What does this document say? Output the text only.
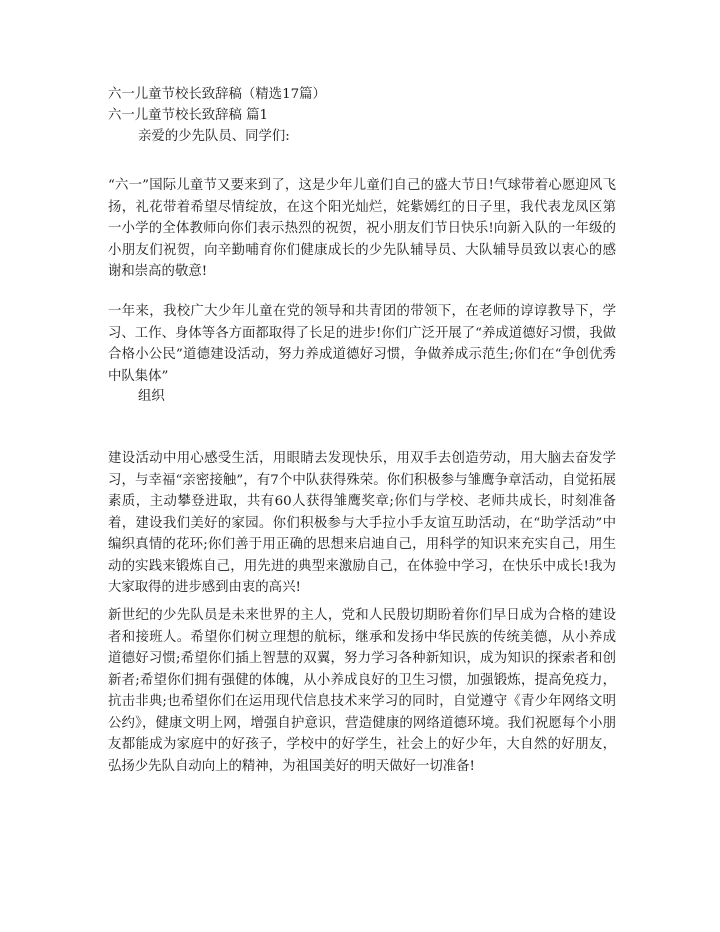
六一儿童节校长致辞稿（精选17篇）
六一儿童节校长致辞稿 篇1
亲爱的少先队员、同学们:
“六一”国际儿童节又要来到了，这是少年儿童们自己的盛大节日!气球带着心愿迎风飞扬，礼花带着希望尽情绽放，在这个阳光灿烂，姹紫嫣红的日子里，我代表龙凤区第一小学的全体教师向你们表示热烈的祝贺，祝小朋友们节日快乐!向新入队的一年级的小朋友们祝贺，向辛勤哺育你们健康成长的少先队辅导员、大队辅导员致以衷心的感谢和崇高的敬意!
一年来，我校广大少年儿童在党的领导和共青团的带领下，在老师的谆谆教导下，学习、工作、身体等各方面都取得了长足的进步!你们广泛开展了“养成道德好习惯，我做合格小公民”道德建设活动，努力养成道德好习惯，争做养成示范生;你们在“争创优秀中队集体”
组织
建设活动中用心感受生活，用眼睛去发现快乐，用双手去创造劳动，用大脑去奋发学习，与幸福“亲密接触”，有7个中队获得殊荣。你们积极参与雏鹰争章活动，自觉拓展素质，主动攀登进取，共有60人获得雏鹰奖章;你们与学校、老师共成长，时刻准备着，建设我们美好的家园。你们积极参与大手拉小手友谊互助活动，在“助学活动”中编织真情的花环;你们善于用正确的思想来启迪自己，用科学的知识来充实自己，用生动的实践来锻炼自己，用先进的典型来激励自己，在体验中学习，在快乐中成长!我为大家取得的进步感到由衷的高兴!
新世纪的少先队员是未来世界的主人，党和人民殷切期盼着你们早日成为合格的建设者和接班人。希望你们树立理想的航标，继承和发扬中华民族的传统美德，从小养成道德好习惯;希望你们插上智慧的双翼，努力学习各种新知识，成为知识的探索者和创新者;希望你们拥有强健的体魄，从小养成良好的卫生习惯，加强锻炼，提高免疫力，抗击非典;也希望你们在运用现代信息技术来学习的同时，自觉遵守《青少年网络文明公约》，健康文明上网，增强自护意识，营造健康的网络道德环境。我们祝愿每个小朋友都能成为家庭中的好孩子，学校中的好学生，社会上的好少年，大自然的好朋友，弘扬少先队自动向上的精神，为祖国美好的明天做好一切准备!
